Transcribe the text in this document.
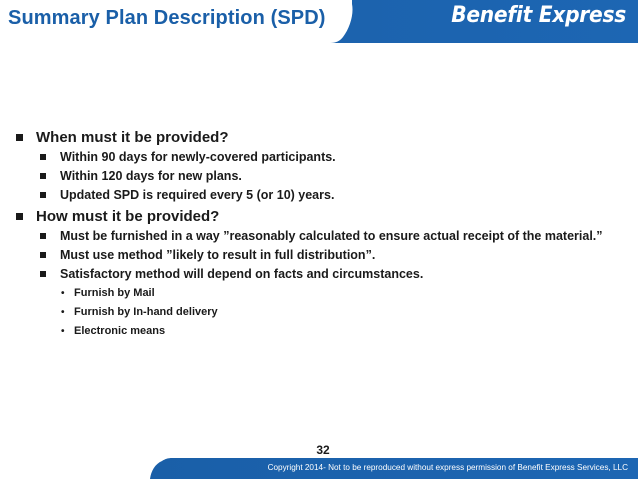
Summary Plan Description (SPD)	Benefit Express
When must it be provided?
Within 90 days for newly-covered participants.
Within 120 days for new plans.
Updated SPD is required every 5 (or 10) years.
How must it be provided?
Must be furnished in a way ”reasonably calculated to ensure actual receipt of the material.”
Must use method ”likely to result in full distribution”.
Satisfactory method will depend on facts and circumstances.
• Furnish by Mail
• Furnish by In-hand delivery
• Electronic means
32
Copyright 2014- Not to be reproduced without express permission of Benefit Express Services, LLC
